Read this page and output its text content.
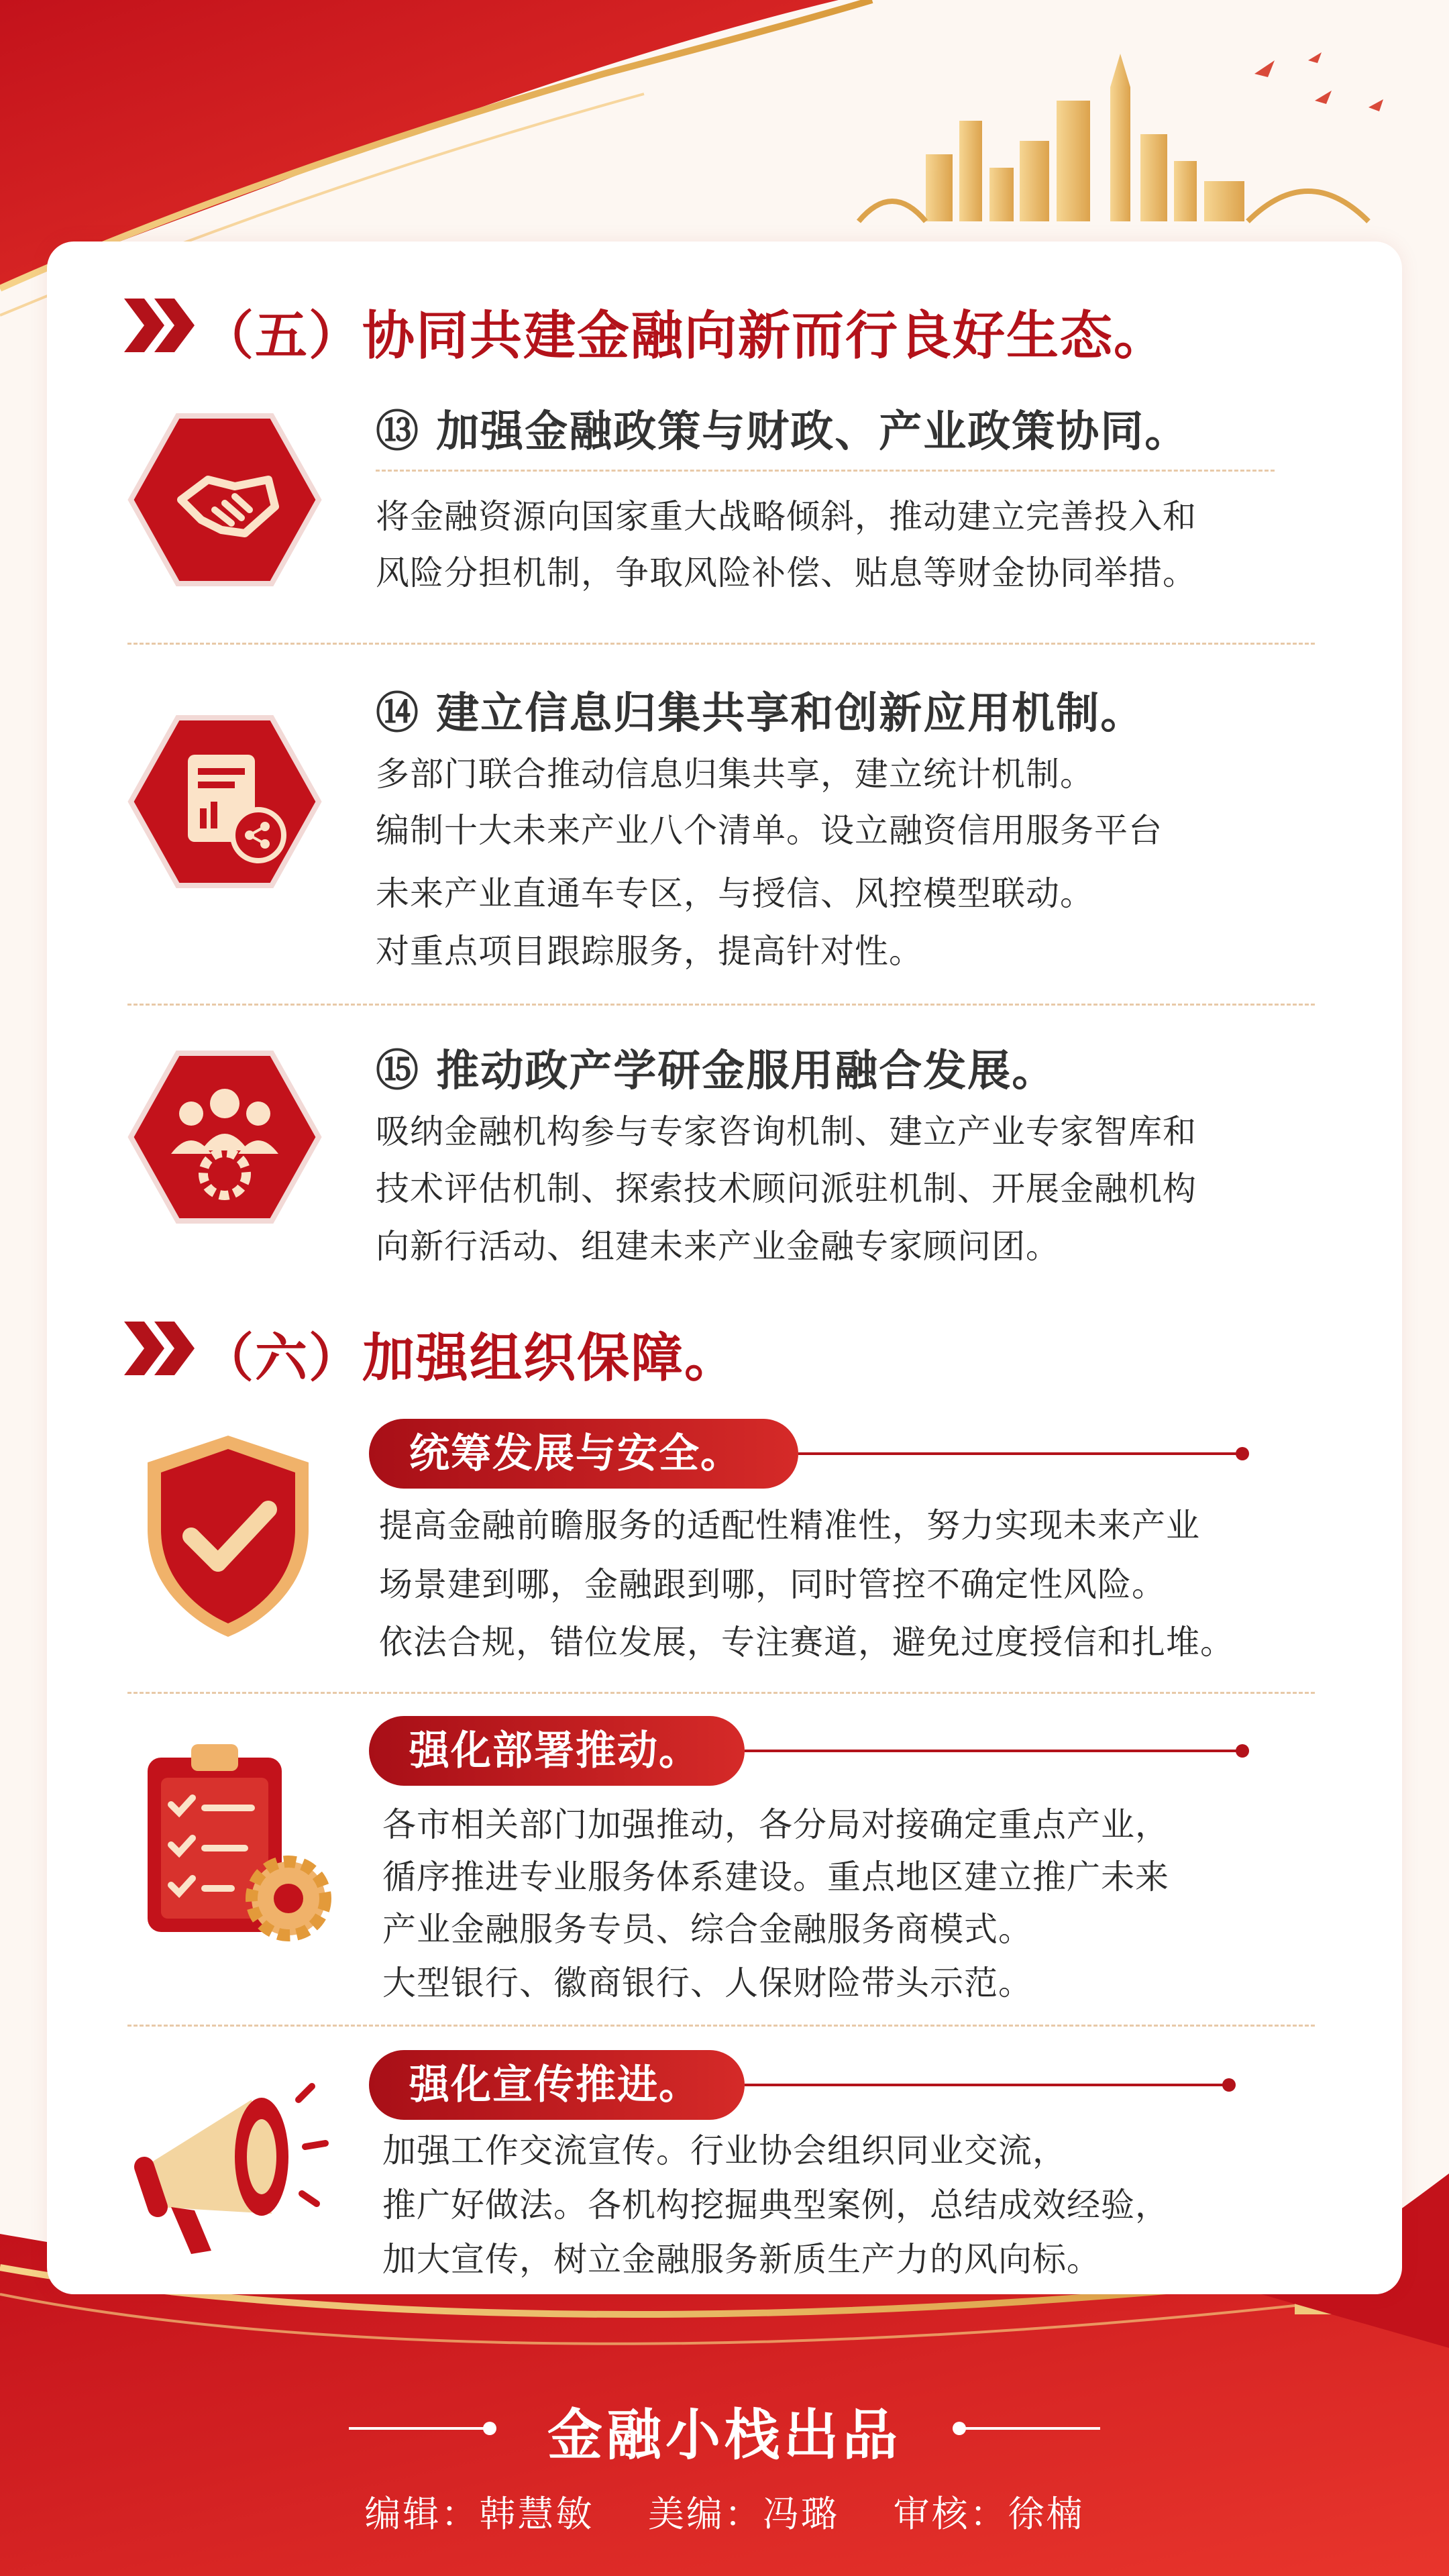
（五）协同共建金融向新而行良好生态。
⑬ 加强金融政策与财政、产业政策协同。
将金融资源向国家重大战略倾斜，推动建立完善投入和
风险分担机制，争取风险补偿、贴息等财金协同举措。
⑭ 建立信息归集共享和创新应用机制。
多部门联合推动信息归集共享，建立统计机制。
编制十大未来产业八个清单。设立融资信用服务平台
未来产业直通车专区，与授信、风控模型联动。
对重点项目跟踪服务，提高针对性。
⑮ 推动政产学研金服用融合发展。
吸纳金融机构参与专家咨询机制、建立产业专家智库和
技术评估机制、探索技术顾问派驻机制、开展金融机构
向新行活动、组建未来产业金融专家顾问团。
（六）加强组织保障。
统筹发展与安全。
提高金融前瞻服务的适配性精准性，努力实现未来产业
场景建到哪，金融跟到哪，同时管控不确定性风险。
依法合规，错位发展，专注赛道，避免过度授信和扎堆。
强化部署推动。
各市相关部门加强推动，各分局对接确定重点产业，
循序推进专业服务体系建设。重点地区建立推广未来
产业金融服务专员、综合金融服务商模式。
大型银行、徽商银行、人保财险带头示范。
强化宣传推进。
加强工作交流宣传。行业协会组织同业交流，
推广好做法。各机构挖掘典型案例，总结成效经验，
加大宣传，树立金融服务新质生产力的风向标。
金融小栈出品
编辑：韩慧敏    美编：冯璐    审核：徐楠
